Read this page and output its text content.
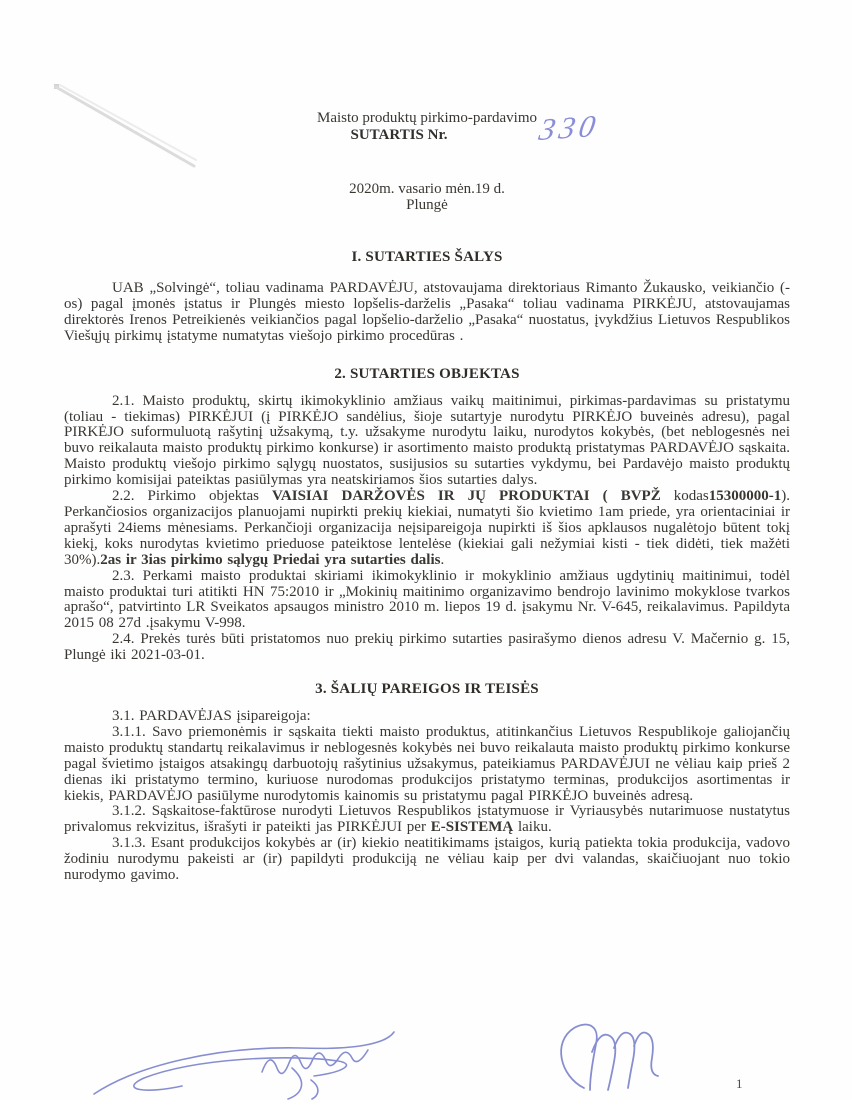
Maisto produktų pirkimo-pardavimo
SUTARTIS Nr.	330
2020m. vasario mėn.19 d.
Plungė
I. SUTARTIES ŠALYS

UAB „Solvingė“, toliau vadinama PARDAVĖJU, atstovaujama direktoriaus Rimanto Žukausko, veikiančio (-os) pagal įmonės įstatus ir Plungės miesto lopšelis-darželis „Pasaka“ toliau vadinama PIRKĖJU, atstovaujamas direktorės Irenos Petreikienės veikiančios pagal lopšelio-darželio „Pasaka“ nuostatus, įvykdžius Lietuvos Respublikos Viešųjų pirkimų įstatyme numatytas viešojo pirkimo procedūras .

2. SUTARTIES OBJEKTAS

2.1. Maisto produktų, skirtų ikimokyklinio amžiaus vaikų maitinimui, pirkimas-pardavimas su pristatymu (toliau - tiekimas) PIRKĖJUI (į PIRKĖJO sandėlius, šioje sutartyje nurodytu PIRKĖJO buveinės adresu), pagal PIRKĖJO suformuluotą rašytinį užsakymą, t.y. užsakyme nurodytu laiku, nurodytos kokybės, (bet neblogesnės nei buvo reikalauta maisto produktų pirkimo konkurse) ir asortimento maisto produktą pristatymas PARDAVĖJO sąskaita. Maisto produktų viešojo pirkimo sąlygų nuostatos, susijusios su sutarties vykdymu, bei Pardavėjo maisto produktų pirkimo komisijai pateiktas pasiūlymas yra neatskiriamos šios sutarties dalys.

2.2. Pirkimo objektas VAISIAI DARŽOVĖS IR JŲ PRODUKTAI ( BVPŽ kodas15300000-1). Perkančiosios organizacijos planuojami nupirkti prekių kiekiai, numatyti šio kvietimo 1am priede, yra orientaciniai ir aprašyti 24iems mėnesiams. Perkančioji organizacija neįsipareigoja nupirkti iš šios apklausos nugalėtojo būtent tokį kiekį, koks nurodytas kvietimo prieduose pateiktose lentelėse (kiekiai gali nežymiai kisti - tiek didėti, tiek mažėti 30%).2as ir 3ias pirkimo sąlygų Priedai yra sutarties dalis.

2.3. Perkami maisto produktai skiriami ikimokyklinio ir mokyklinio amžiaus ugdytinių maitinimui, todėl maisto produktai turi atitikti HN 75:2010 ir „Mokinių maitinimo organizavimo bendrojo lavinimo mokyklose tvarkos aprašo“, patvirtinto LR Sveikatos apsaugos ministro 2010 m. liepos 19 d. įsakymu Nr. V-645, reikalavimus. Papildyta 2015 08 27d .įsakymu V-998.

2.4. Prekės turės būti pristatomos nuo prekių pirkimo sutarties pasirašymo dienos adresu V. Mačernio g. 15, Plungė iki 2021-03-01.

3. ŠALIŲ PAREIGOS IR TEISĖS

3.1. PARDAVĖJAS įsipareigoja:

3.1.1. Savo priemonėmis ir sąskaita tiekti maisto produktus, atitinkančius Lietuvos Respublikoje galiojančių maisto produktų standartų reikalavimus ir neblogesnės kokybės nei buvo reikalauta maisto produktų pirkimo konkurse pagal švietimo įstaigos atsakingų darbuotojų rašytinius užsakymus, pateikiamus PARDAVĖJUI ne vėliau kaip prieš 2 dienas iki pristatymo termino, kuriuose nurodomas produkcijos pristatymo terminas, produkcijos asortimentas ir kiekis, PARDAVĖJO pasiūlyme nurodytomis kainomis su pristatymu pagal PIRKĖJO buveinės adresą.

3.1.2. Sąskaitose-faktūrose nurodyti Lietuvos Respublikos įstatymuose ir Vyriausybės nutarimuose nustatytus privalomus rekvizitus, išrašyti ir pateikti jas PIRKĖJUI per E-SISTEMĄ laiku.

3.1.3. Esant produkcijos kokybės ar (ir) kiekio neatitikimams įstaigos, kurią patiekta tokia produkcija, vadovo žodiniu nurodymu pakeisti ar (ir) papildyti produkciją ne vėliau kaip per dvi valandas, skaičiuojant nuo tokio nurodymo gavimo.

1
